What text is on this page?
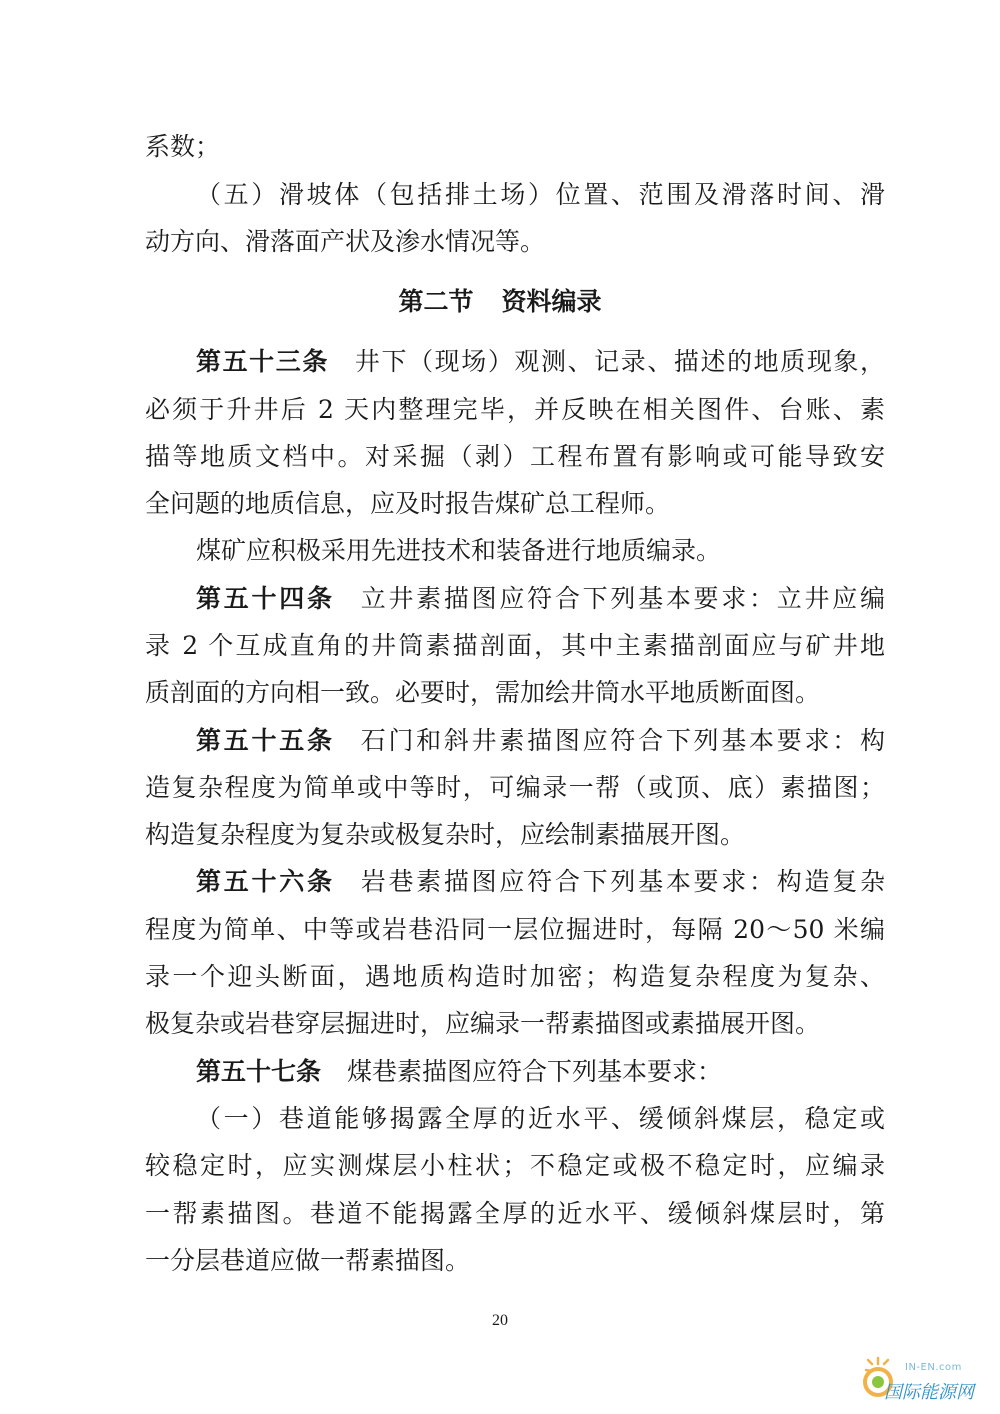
系数；
（五）滑坡体（包括排土场）位置、范围及滑落时间、滑
动方向、滑落面产状及渗水情况等。
第二节 资料编录
第五十三条 井下（现场）观测、记录、描述的地质现象，
必须于升井后 2 天内整理完毕，并反映在相关图件、台账、素
描等地质文档中。对采掘（剥）工程布置有影响或可能导致安
全问题的地质信息，应及时报告煤矿总工程师。
煤矿应积极采用先进技术和装备进行地质编录。
第五十四条 立井素描图应符合下列基本要求：立井应编
录 2 个互成直角的井筒素描剖面，其中主素描剖面应与矿井地
质剖面的方向相一致。必要时，需加绘井筒水平地质断面图。
第五十五条 石门和斜井素描图应符合下列基本要求：构
造复杂程度为简单或中等时，可编录一帮（或顶、底）素描图；
构造复杂程度为复杂或极复杂时，应绘制素描展开图。
第五十六条 岩巷素描图应符合下列基本要求：构造复杂
程度为简单、中等或岩巷沿同一层位掘进时，每隔 20～50 米编
录一个迎头断面，遇地质构造时加密；构造复杂程度为复杂、
极复杂或岩巷穿层掘进时，应编录一帮素描图或素描展开图。
第五十七条 煤巷素描图应符合下列基本要求：
（一）巷道能够揭露全厚的近水平、缓倾斜煤层，稳定或
较稳定时，应实测煤层小柱状；不稳定或极不稳定时，应编录
一帮素描图。巷道不能揭露全厚的近水平、缓倾斜煤层时，第
一分层巷道应做一帮素描图。
20
IN-EN.com
国际能源网
